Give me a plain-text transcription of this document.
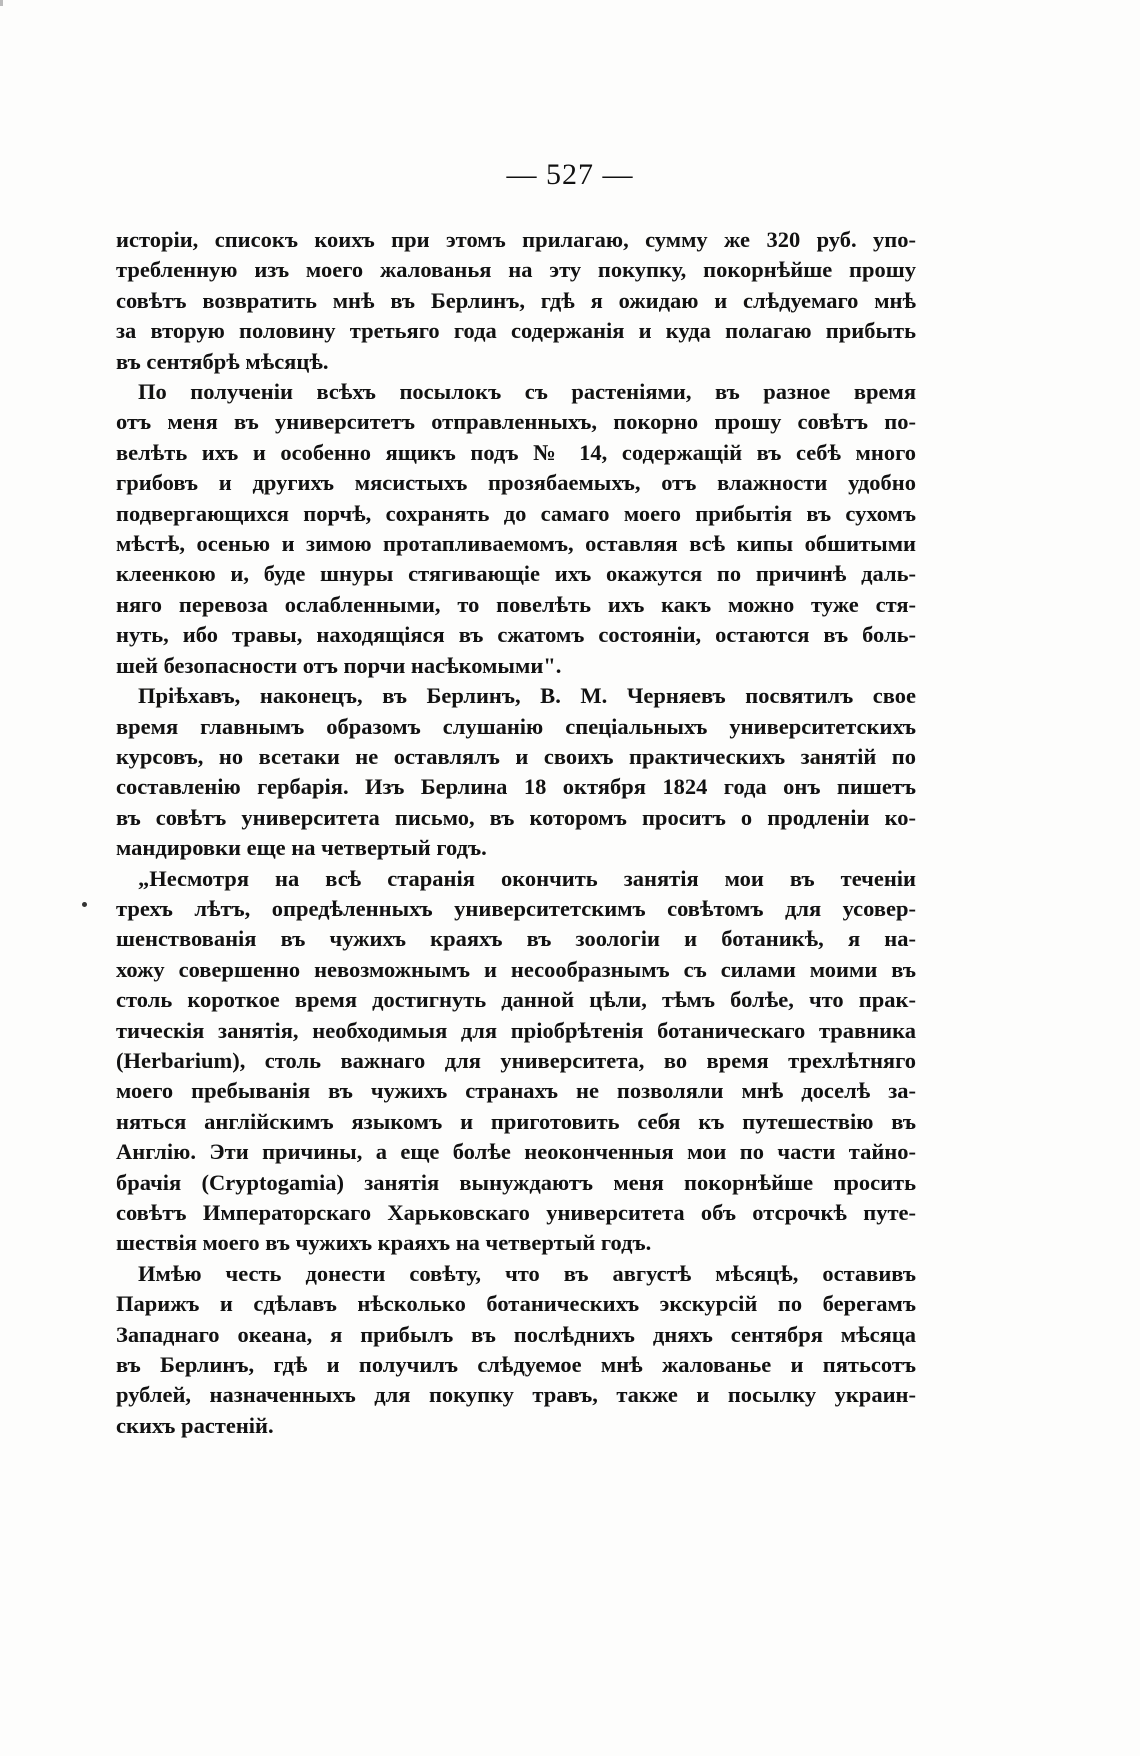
— 527 —

исторіи, списокъ коихъ при этомъ прилагаю, сумму же 320 руб. упо-
требленную изъ моего жалованья на эту покупку, покорнѣйше прошу
совѣтъ возвратить мнѣ въ Берлинъ, гдѣ я ожидаю и слѣдуемаго мнѣ
за вторую половину третьяго года содержанія и куда полагаю прибыть
въ сентябрѣ мѣсяцѣ.

По полученіи всѣхъ посылокъ съ растеніями, въ разное время
отъ меня въ университетъ отправленныхъ, покорно прошу совѣтъ по-
велѣть ихъ и особенно ящикъ подъ № 14, содержащій въ себѣ много
грибовъ и другихъ мясистыхъ прозябаемыхъ, отъ влажности удобно
подвергающихся порчѣ, сохранять до самаго моего прибытія въ сухомъ
мѣстѣ, осенью и зимою протапливаемомъ, оставляя всѣ кипы обшитыми
клеенкою и, буде шнуры стягивающіе ихъ окажутся по причинѣ даль-
няго перевоза ослабленными, то повелѣть ихъ какъ можно туже стя-
нуть, ибо травы, находящіяся въ сжатомъ состояніи, остаются въ боль-
шей безопасности отъ порчи насѣкомыми".

Пріѣхавъ, наконецъ, въ Берлинъ, В. М. Черняевъ посвятилъ свое
время главнымъ образомъ слушанію спеціальныхъ университетскихъ
курсовъ, но всетаки не оставлялъ и своихъ практическихъ занятій по
составленію гербарія. Изъ Берлина 18 октября 1824 года онъ пишетъ
въ совѣтъ университета письмо, въ которомъ проситъ о продленіи ко-
мандировки еще на четвертый годъ.

„Несмотря на всѣ старанія окончить занятія мои въ теченіи
трехъ лѣтъ, опредѣленныхъ университетскимъ совѣтомъ для усовер-
шенствованія въ чужихъ краяхъ въ зоологіи и ботаникѣ, я на-
хожу совершенно невозможнымъ и несообразнымъ съ силами моими въ
столь короткое время достигнуть данной цѣли, тѣмъ болѣе, что прак-
тическія занятія, необходимыя для пріобрѣтенія ботаническаго травника
(Herbarium), столь важнаго для университета, во время трехлѣтняго
моего пребыванія въ чужихъ странахъ не позволяли мнѣ доселѣ за-
няться англійскимъ языкомъ и приготовить себя къ путешествію въ
Англію. Эти причины, а еще болѣе неоконченныя мои по части тайно-
брачія (Cryptogamia) занятія вынуждаютъ меня покорнѣйше просить
совѣтъ Императорскаго Харьковскаго университета объ отсрочкѣ путе-
шествія моего въ чужихъ краяхъ на четвертый годъ.

Имѣю честь донести совѣту, что въ августѣ мѣсяцѣ, оставивъ
Парижъ и сдѣлавъ нѣсколько ботаническихъ экскурсій по берегамъ
Западнаго океана, я прибылъ въ послѣднихъ дняхъ сентября мѣсяца
въ Берлинъ, гдѣ и получилъ слѣдуемое мнѣ жалованье и пятьсотъ
рублей, назначенныхъ для покупку травъ, также и посылку украин-
скихъ растеній.
